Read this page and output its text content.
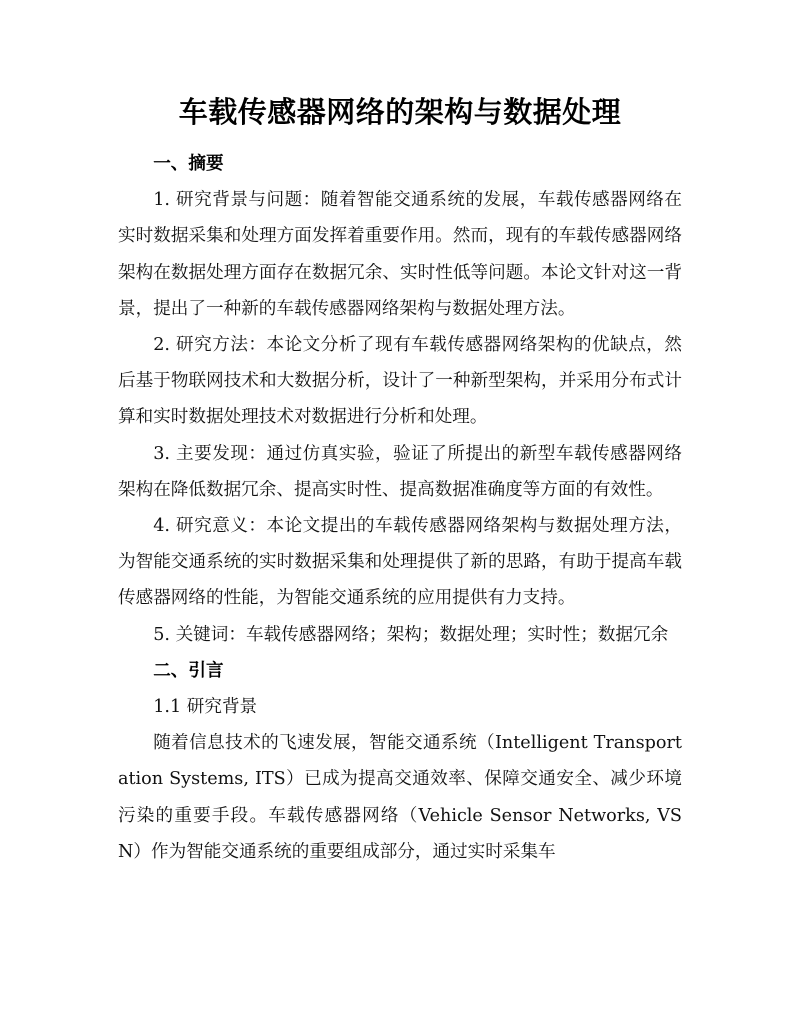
车载传感器网络的架构与数据处理

一、摘要

1. 研究背景与问题：随着智能交通系统的发展，车载传感器网络在实时数据采集和处理方面发挥着重要作用。然而，现有的车载传感器网络架构在数据处理方面存在数据冗余、实时性低等问题。本论文针对这一背景，提出了一种新的车载传感器网络架构与数据处理方法。

2. 研究方法：本论文分析了现有车载传感器网络架构的优缺点，然后基于物联网技术和大数据分析，设计了一种新型架构，并采用分布式计算和实时数据处理技术对数据进行分析和处理。

3. 主要发现：通过仿真实验，验证了所提出的新型车载传感器网络架构在降低数据冗余、提高实时性、提高数据准确度等方面的有效性。

4. 研究意义：本论文提出的车载传感器网络架构与数据处理方法，为智能交通系统的实时数据采集和处理提供了新的思路，有助于提高车载传感器网络的性能，为智能交通系统的应用提供有力支持。

5. 关键词：车载传感器网络；架构；数据处理；实时性；数据冗余

二、引言

1.1 研究背景

随着信息技术的飞速发展，智能交通系统（Intelligent Transportation Systems, ITS）已成为提高交通效率、保障交通安全、减少环境污染的重要手段。车载传感器网络（Vehicle Sensor Networks, VSN）作为智能交通系统的重要组成部分，通过实时采集车
